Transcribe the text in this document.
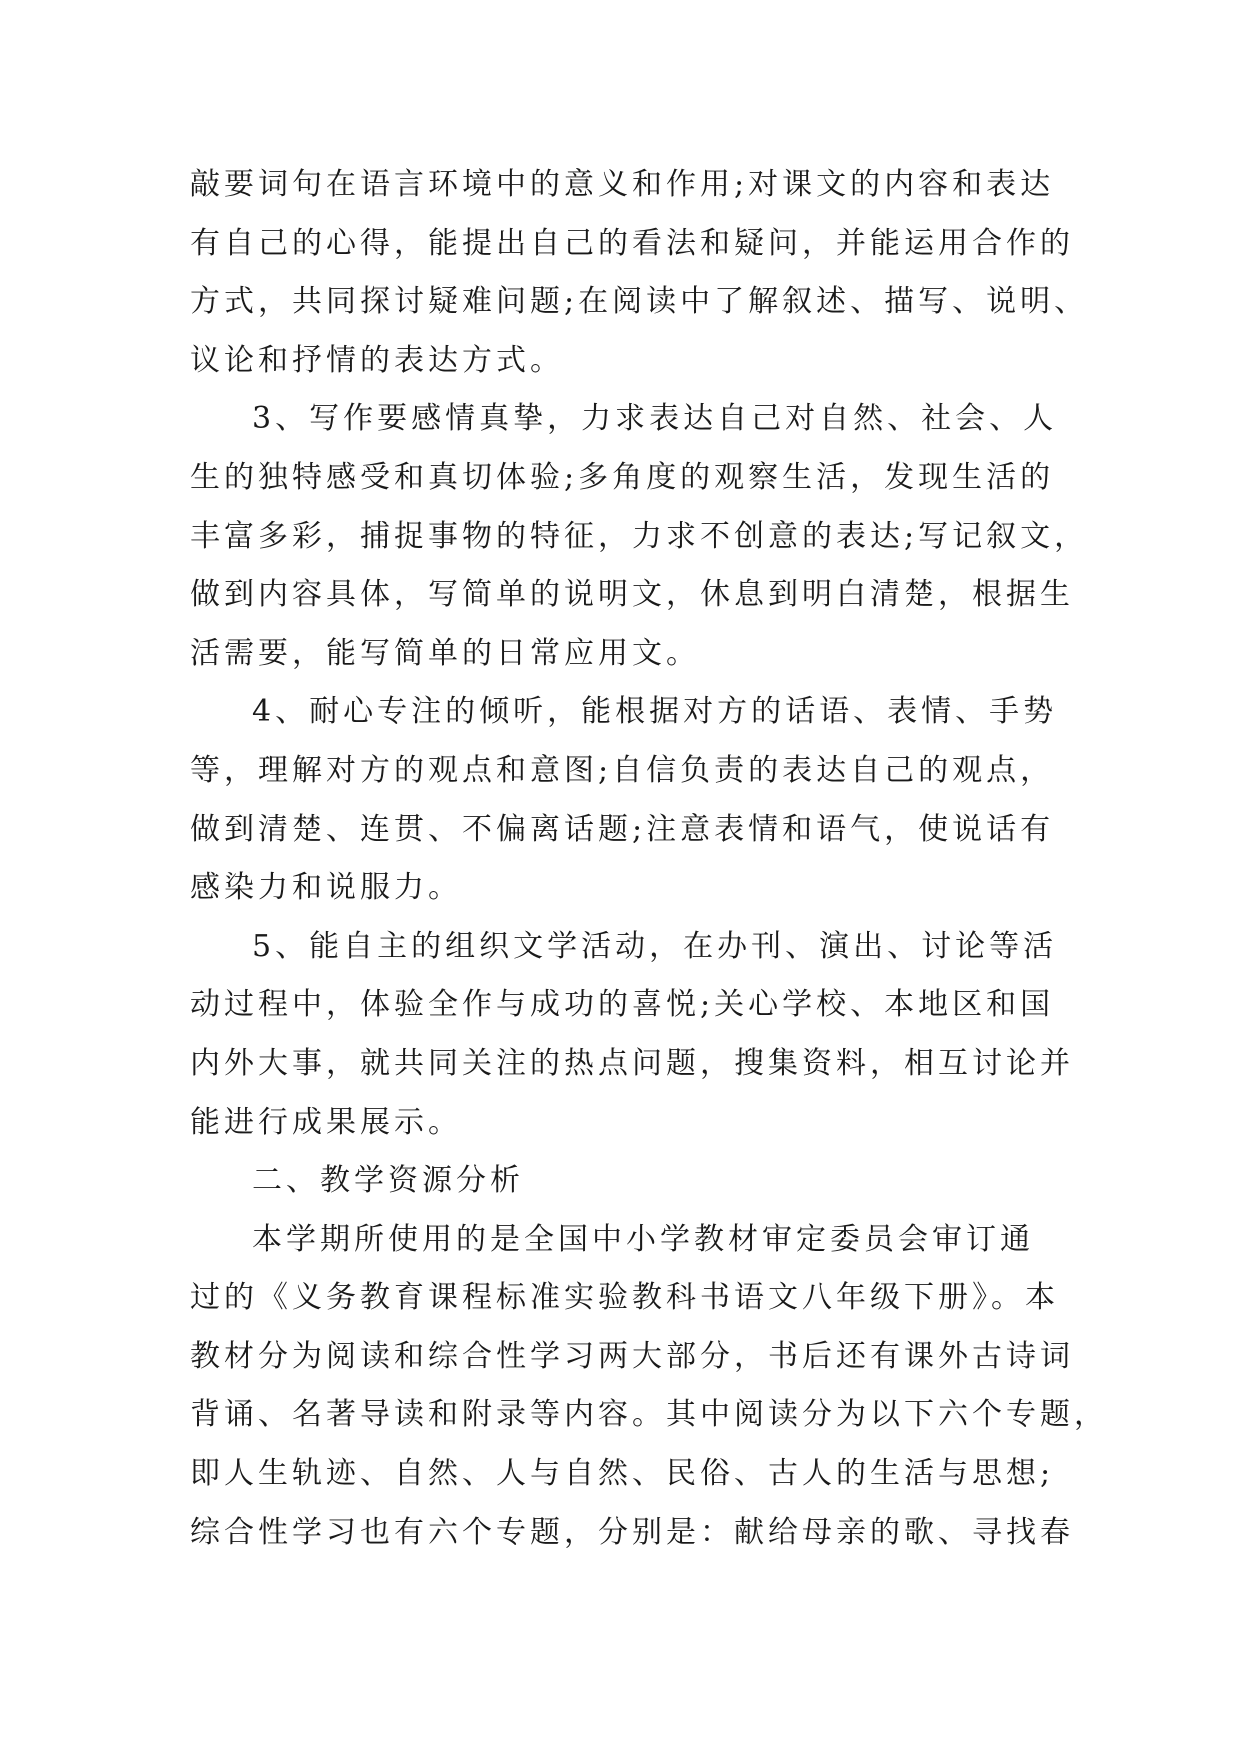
敲要词句在语言环境中的意义和作用;对课文的内容和表达
有自己的心得，能提出自己的看法和疑问，并能运用合作的
方式，共同探讨疑难问题;在阅读中了解叙述、描写、说明、
议论和抒情的表达方式。
3、写作要感情真挚，力求表达自己对自然、社会、人
生的独特感受和真切体验;多角度的观察生活，发现生活的
丰富多彩，捕捉事物的特征，力求不创意的表达;写记叙文，
做到内容具体，写简单的说明文，休息到明白清楚，根据生
活需要，能写简单的日常应用文。
4、耐心专注的倾听，能根据对方的话语、表情、手势
等，理解对方的观点和意图;自信负责的表达自己的观点，
做到清楚、连贯、不偏离话题;注意表情和语气，使说话有
感染力和说服力。
5、能自主的组织文学活动，在办刊、演出、讨论等活
动过程中，体验全作与成功的喜悦;关心学校、本地区和国
内外大事，就共同关注的热点问题，搜集资料，相互讨论并
能进行成果展示。
二、教学资源分析
本学期所使用的是全国中小学教材审定委员会审订通
过的《义务教育课程标准实验教科书语文八年级下册》。本
教材分为阅读和综合性学习两大部分，书后还有课外古诗词
背诵、名著导读和附录等内容。其中阅读分为以下六个专题，
即人生轨迹、自然、人与自然、民俗、古人的生活与思想;
综合性学习也有六个专题，分别是：献给母亲的歌、寻找春
